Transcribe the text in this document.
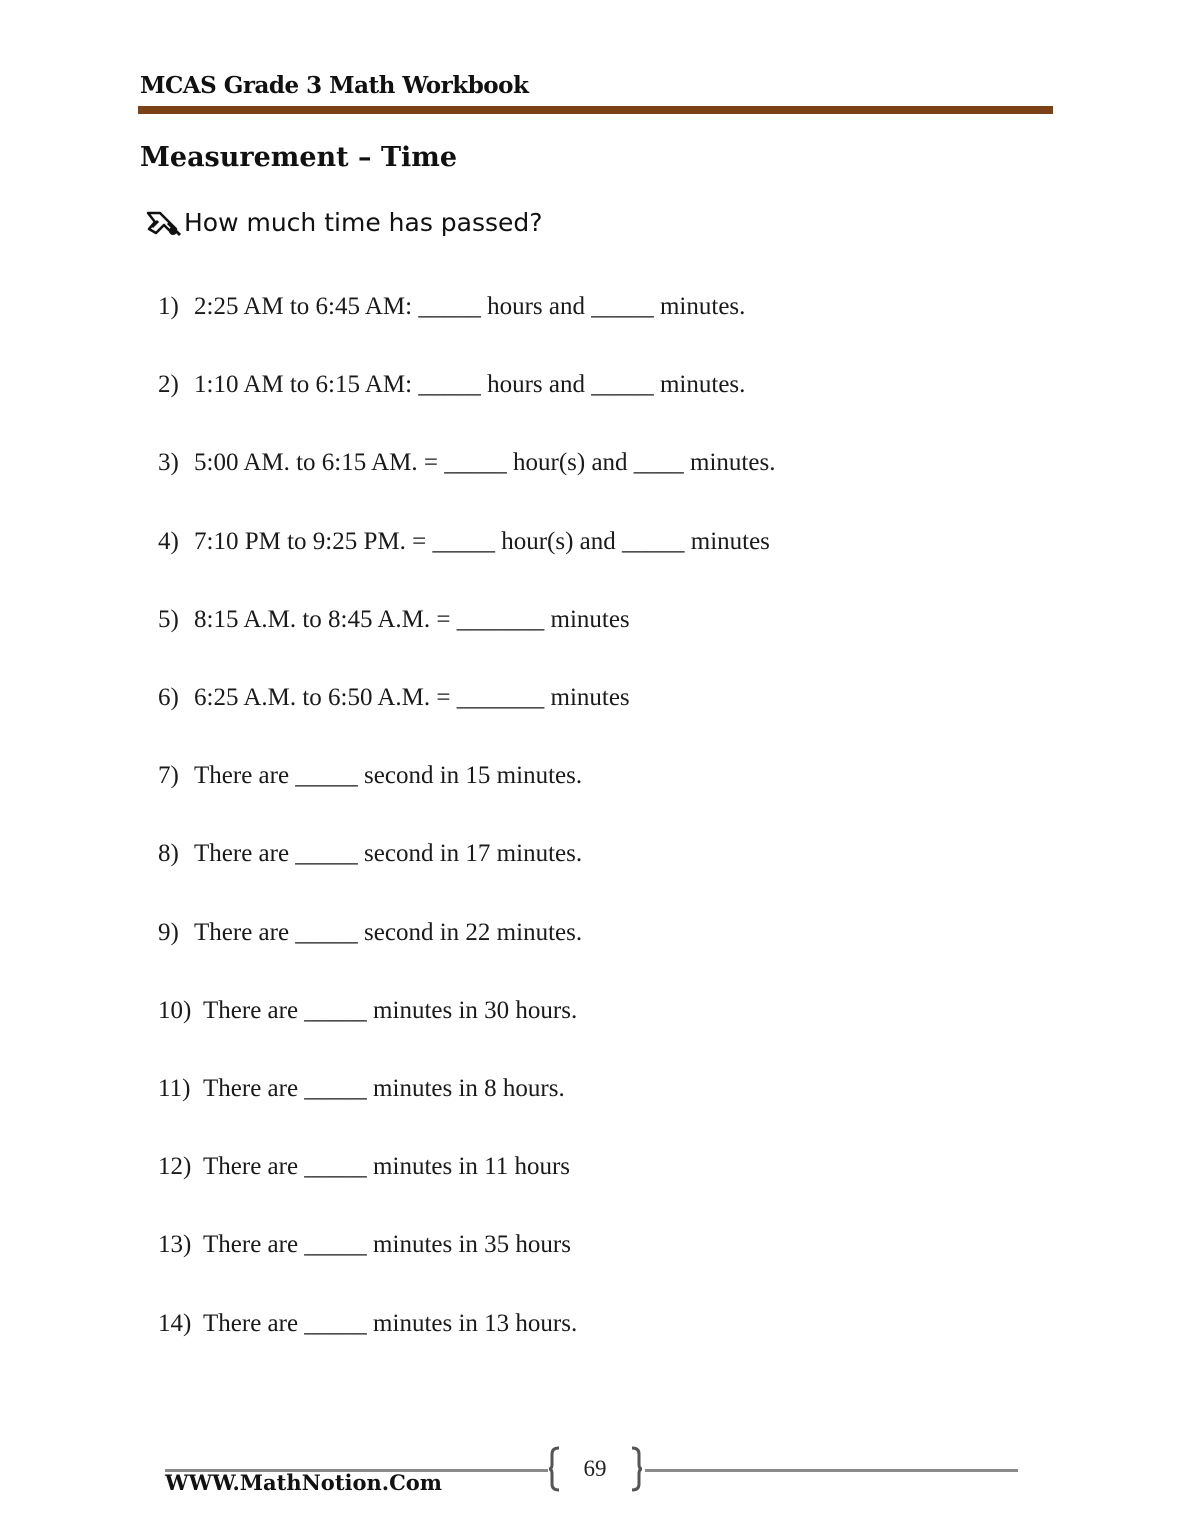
MCAS Grade 3 Math Workbook
Measurement – Time
How much time has passed?
1) 2:25 AM to 6:45 AM: _____ hours and _____ minutes.
2) 1:10 AM to 6:15 AM: _____ hours and _____ minutes.
3) 5:00 AM. to 6:15 AM. = _____ hour(s) and ____ minutes.
4) 7:10 PM to 9:25 PM. = _____ hour(s) and _____ minutes
5) 8:15 A.M. to 8:45 A.M. = _______ minutes
6) 6:25 A.M. to 6:50 A.M. = _______ minutes
7) There are _____ second in 15 minutes.
8) There are _____ second in 17 minutes.
9) There are _____ second in 22 minutes.
10) There are _____ minutes in 30 hours.
11) There are _____ minutes in 8 hours.
12) There are _____ minutes in 11 hours
13) There are _____ minutes in 35 hours
14) There are _____ minutes in 13 hours.
69
WWW.MathNotion.Com
